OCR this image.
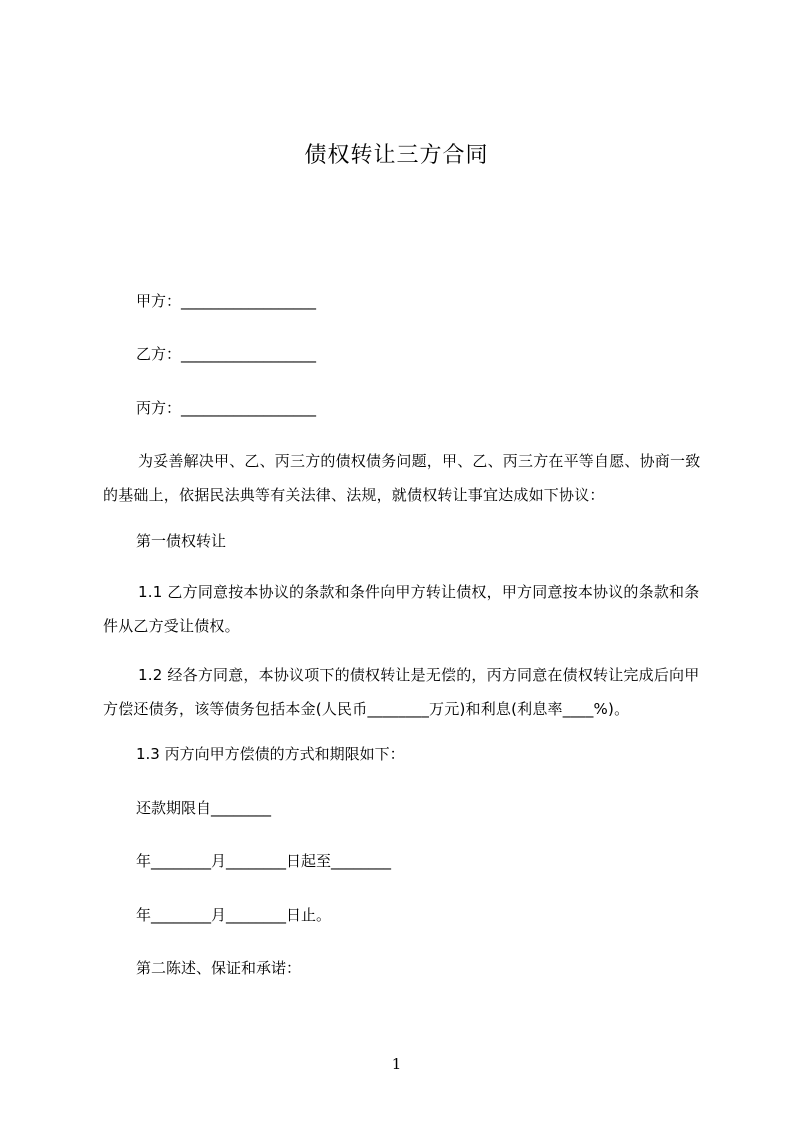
债权转让三方合同
甲方：__________________
乙方：__________________
丙方：__________________
为妥善解决甲、乙、丙三方的债权债务问题，甲、乙、丙三方在平等自愿、协商一致的基础上，依据民法典等有关法律、法规，就债权转让事宜达成如下协议：
第一债权转让
1.1 乙方同意按本协议的条款和条件向甲方转让债权，甲方同意按本协议的条款和条件从乙方受让债权。
1.2 经各方同意，本协议项下的债权转让是无偿的，丙方同意在债权转让完成后向甲方偿还债务，该等债务包括本金(人民币________万元)和利息(利息率____%)。
1.3 丙方向甲方偿债的方式和期限如下：
还款期限自________
年________月________日起至________
年________月________日止。
第二陈述、保证和承诺：
1
